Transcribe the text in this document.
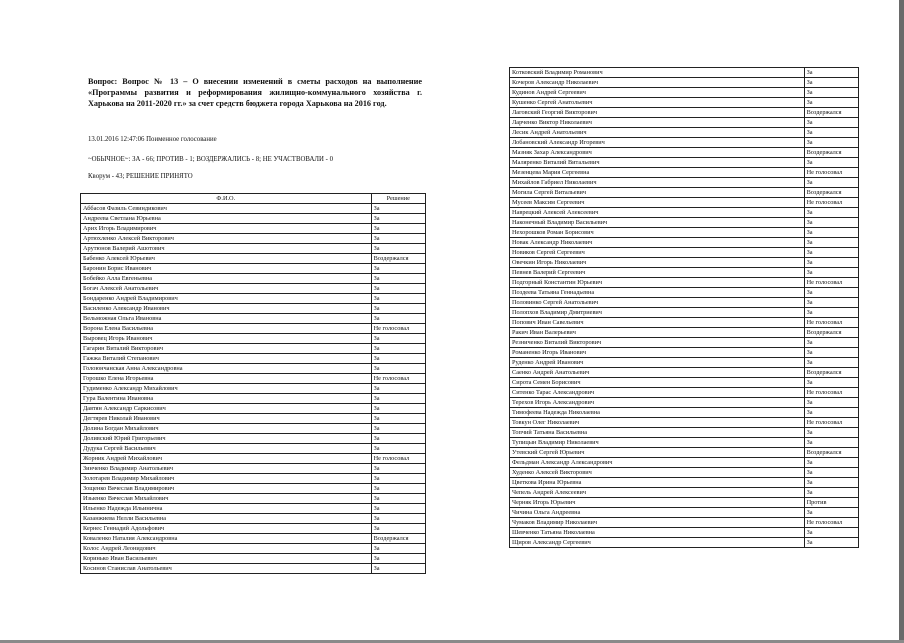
Вопрос: Вопрос № 13 – О внесении изменений в сметы расходов на выполнение «Программы развития и реформирования жилищно-коммунального хозяйства г. Харькова на 2011-2020 гг.» за счет средств бюджета города Харькова на 2016 год.
13.01.2016 12:47:06 Поименное голосование
~ОБЫЧНОЕ~: ЗА - 66; ПРОТИВ - 1; ВОЗДЕРЖАЛИСЬ - 8; НЕ УЧАСТВОВАЛИ - 0
Кворум - 43; РЕШЕНИЕ ПРИНЯТО
Ф.И.О.	Решение
Аббасов Фазиль Севиндикович	За
Андреева Светлана Юрьевна	За
Арих Игорь Владимирович	За
Артюхленко Алексей Викторович	За
Арутюнов Валерий Ашотович	За
Бабенко Алексей Юрьевич	Воздержался
Баронин Борис Иванович	За
Бобейко Алла Евгеньевна	За
Богач Алексей Анатольевич	За
Бондаренко Андрей Владимирович	За
Василенко Александр Иванович	За
Вельможная Ольга Ивановна	За
Ворона Елена Васильевна	Не голосовал
Выровец Игорь Иванович	За
Гагарин Виталий Викторович	За
Гажжа Виталий Степанович	За
Голоюнчанская Анна Александровна	За
Горошко Елена Игорьевна	Не голосовал
Гудименко Александр Михайлович	За
Гура Валентина Ивановна	За
Давтян Александр Саркисович	За
Дегтярев Николай Иванович	За
Долина Богдан Михайлович	За
Доливский Юрий Григорьевич	За
Дудука Сергей Васильевич	За
Жорник Андрей Михайлович	Не голосовал
Зинченко Владимир Анатольевич	За
Золотарев Владимир Михайлович	За
Зощенко Вячеслав Владимирович	За
Изыенко Вячеслав Михайлович	За
Ильенко Надежда Ильинична	За
Казанжиева Нелли Васильевна	За
Кернес Геннадий Адольфович	За
Коваленко Наталия Александровна	Воздержался
Колос Андрей Леонидович	За
Коринько Иван Васильевич	За
Косинов Станислав Анатольевич	За
Котковский Владимир Романович	За
Кочеров Александр Николаевич	За
Кудинов Андрей Сергеевич	За
Кушенко Сергей Анатольевич	За
Лаговский Георгий Викторович	Воздержался
Ларченко Виктор Николаевич	За
Лесик Андрей Анатольевич	За
Лобановский Александр Игоревич	За
Мазняк Захар Александрович	Воздержался
Маляренко Виталий Витальевич	За
Мезенцева Мария Сергеевна	Не голосовал
Михайлов Габриел Николаевич	За
Могила Сергей Витальевич	Воздержался
Мусеев Максим Сергеевич	Не голосовал
Наврецкий Алексей Алексеевич	За
Наконечный Владимир Васильевич	За
Нехорошков Роман Борисович	За
Новак Александр Николаевич	За
Новиков Сергей Сергеевич	За
Овечкин Игорь Николаевич	За
Певнев Валерий Сергеевич	За
Подгорный Константин Юрьевич	Не голосовал
Поздеева Татьяна Геннадьевна	За
Половинко Сергей Анатольевич	За
Полопхов Владимир Дмитриевич	За
Попович Иван Савельевич	Не голосовал
Ракич Иван Валерьевич	Воздержался
Резниченко Виталий Викторович	За
Романенко Игорь Иванович	За
Руденко Андрей Иванович	За
Саенко Андрей Анатольевич	Воздержался
Сирота Семен Борисович	За
Ситенко Тарас Александрович	Не голосовал
Терехов Игорь Александрович	За
Тимофеева Надежда Николаевна	За
Товкун Олег Николаевич	Не голосовал
Топчий Татьяна Васильевна	За
Тупицын Владимир Николаевич	За
Утевский Сергей Юрьевич	Воздержался
Фельдман Александр Александрович	За
Худенко Алексей Викторович	За
Цветкова Ирина Юрьевна	За
Чепель Андрей Алексеевич	За
Черняк Игорь Юрьевич	Против
Чичина Ольга Андреевна	За
Чумаков Владимир Николаевич	Не голосовал
Шевченко Татьяна Николаевна	За
Щиров Александр Сергеевич	За
